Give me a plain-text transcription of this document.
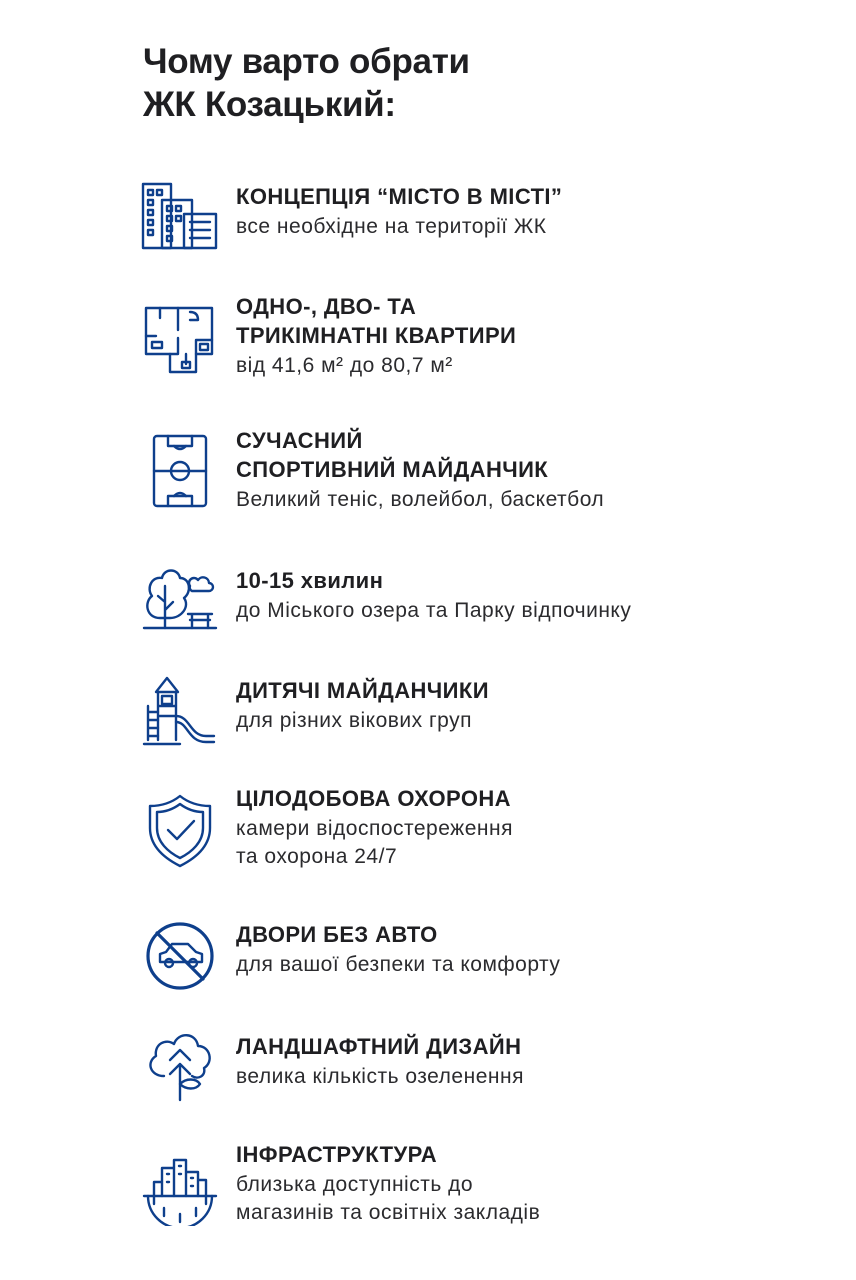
Чому варто обрати
ЖК Козацький:
КОНЦЕПЦІЯ “МІСТО В МІСТІ”
все необхідне на території ЖК
ОДНО-, ДВО- ТА
ТРИКІМНАТНІ КВАРТИРИ
від 41,6 м² до 80,7 м²
СУЧАСНИЙ
СПОРТИВНИЙ МАЙДАНЧИК
Великий теніс, волейбол, баскетбол
10-15 хвилин
до Міського озера та Парку відпочинку
ДИТЯЧІ МАЙДАНЧИКИ
для різних вікових груп
ЦІЛОДОБОВА ОХОРОНА
камери відоспостереження
та охорона 24/7
ДВОРИ БЕЗ АВТО
для вашої безпеки та комфорту
ЛАНДШАФТНИЙ ДИЗАЙН
велика кількість озеленення
ІНФРАСТРУКТУРА
близька доступність до
магазинів та освітніх закладів
